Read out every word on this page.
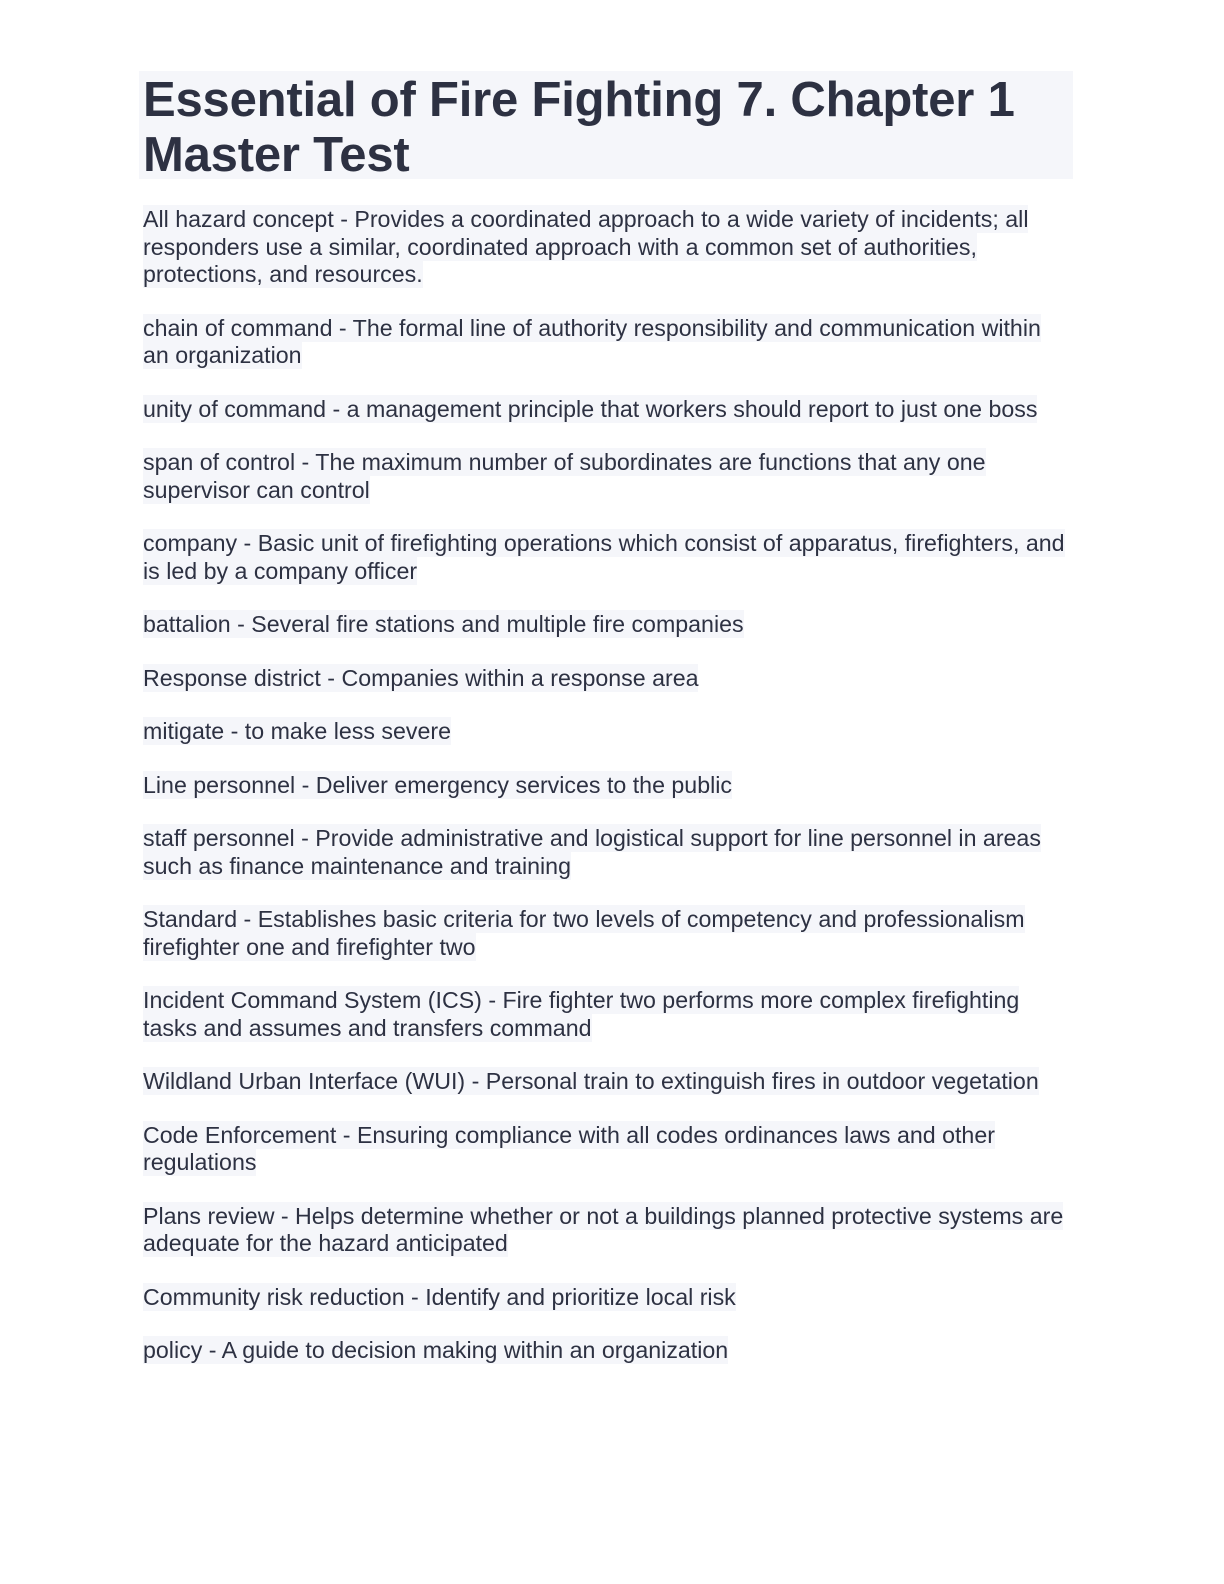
Essential of Fire Fighting 7. Chapter 1 Master Test

All hazard concept - Provides a coordinated approach to a wide variety of incidents; all responders use a similar, coordinated approach with a common set of authorities, protections, and resources.

chain of command - The formal line of authority responsibility and communication within an organization

unity of command - a management principle that workers should report to just one boss

span of control - The maximum number of subordinates are functions that any one supervisor can control

company - Basic unit of firefighting operations which consist of apparatus, firefighters, and is led by a company officer

battalion - Several fire stations and multiple fire companies

Response district - Companies within a response area

mitigate - to make less severe

Line personnel - Deliver emergency services to the public

staff personnel - Provide administrative and logistical support for line personnel in areas such as finance maintenance and training

Standard - Establishes basic criteria for two levels of competency and professionalism firefighter one and firefighter two

Incident Command System (ICS) - Fire fighter two performs more complex firefighting tasks and assumes and transfers command

Wildland Urban Interface (WUI) - Personal train to extinguish fires in outdoor vegetation

Code Enforcement - Ensuring compliance with all codes ordinances laws and other regulations

Plans review - Helps determine whether or not a buildings planned protective systems are adequate for the hazard anticipated

Community risk reduction - Identify and prioritize local risk

policy - A guide to decision making within an organization
